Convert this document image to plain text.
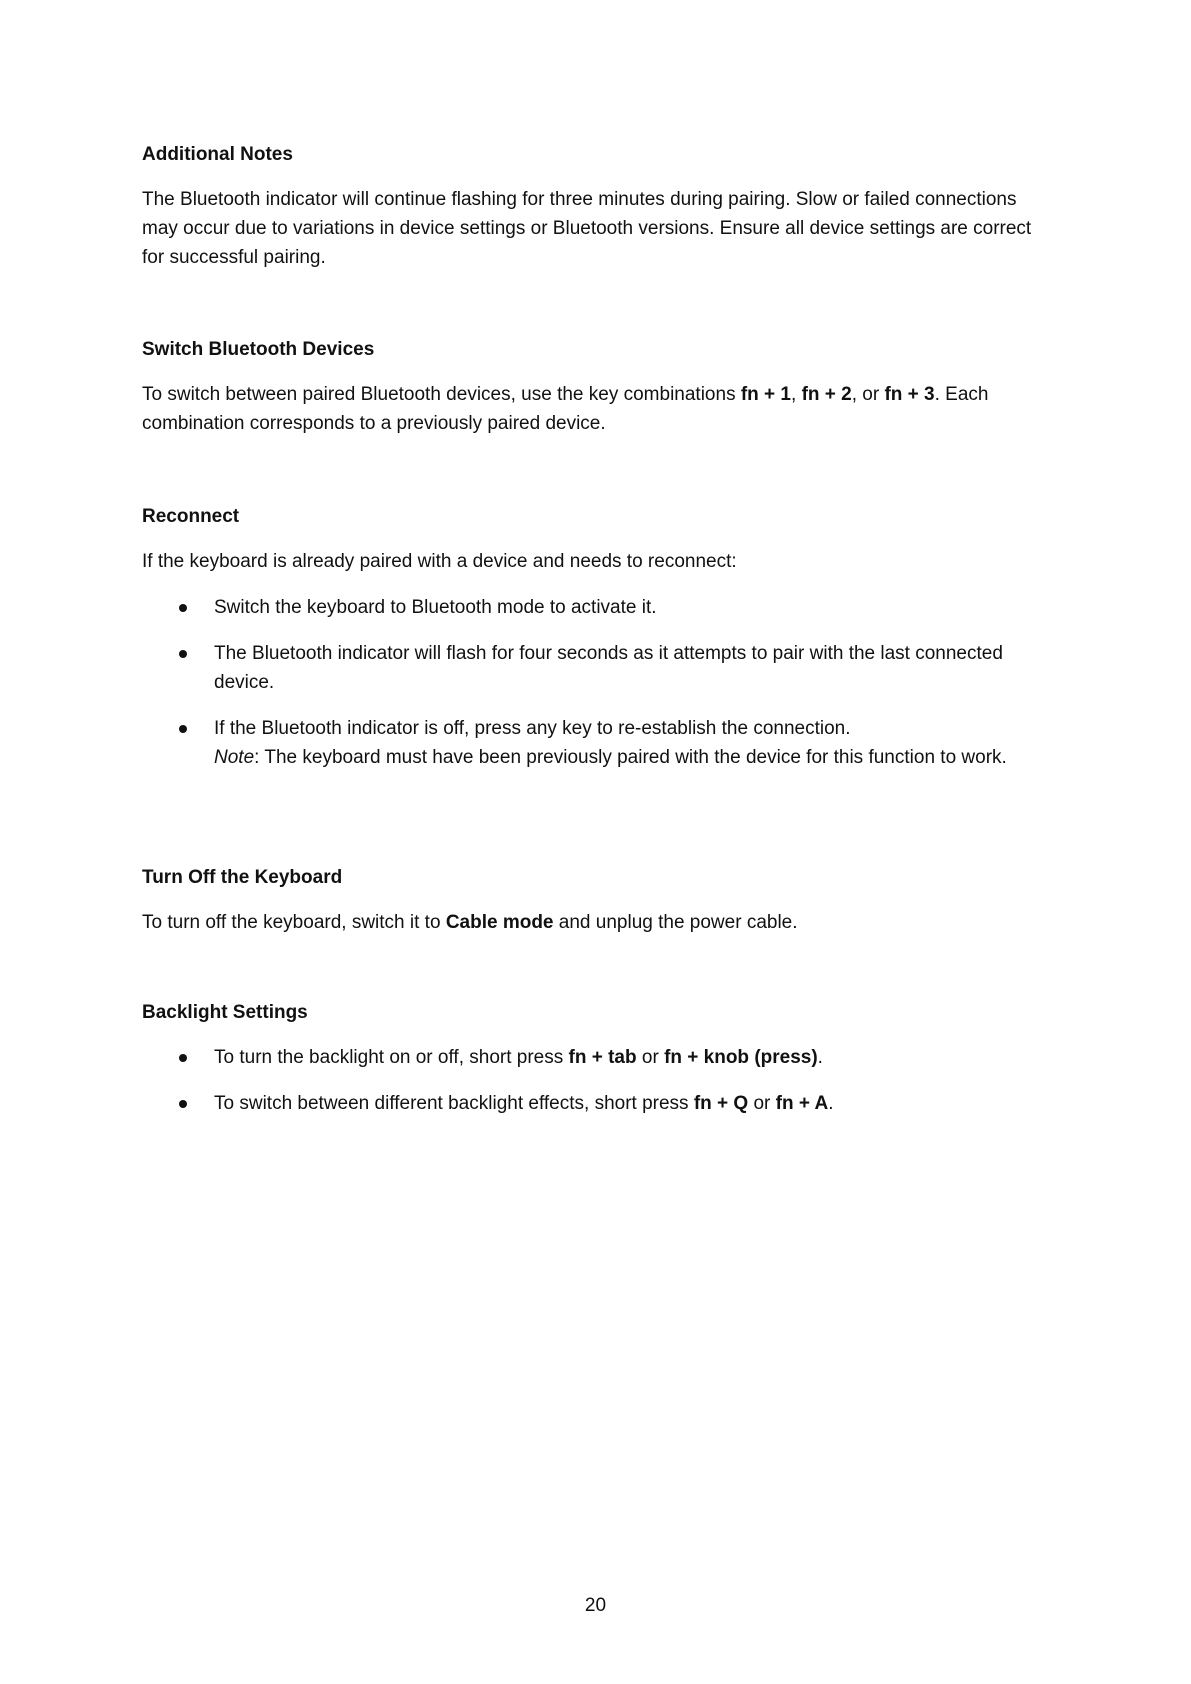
Additional Notes

The Bluetooth indicator will continue flashing for three minutes during pairing. Slow or failed connections may occur due to variations in device settings or Bluetooth versions. Ensure all device settings are correct for successful pairing.

Switch Bluetooth Devices

To switch between paired Bluetooth devices, use the key combinations fn + 1, fn + 2, or fn + 3. Each combination corresponds to a previously paired device.

Reconnect

If the keyboard is already paired with a device and needs to reconnect:

Switch the keyboard to Bluetooth mode to activate it.
The Bluetooth indicator will flash for four seconds as it attempts to pair with the last connected device.
If the Bluetooth indicator is off, press any key to re-establish the connection.
Note: The keyboard must have been previously paired with the device for this function to work.

Turn Off the Keyboard

To turn off the keyboard, switch it to Cable mode and unplug the power cable.

Backlight Settings

To turn the backlight on or off, short press fn + tab or fn + knob (press).
To switch between different backlight effects, short press fn + Q or fn + A.
20
